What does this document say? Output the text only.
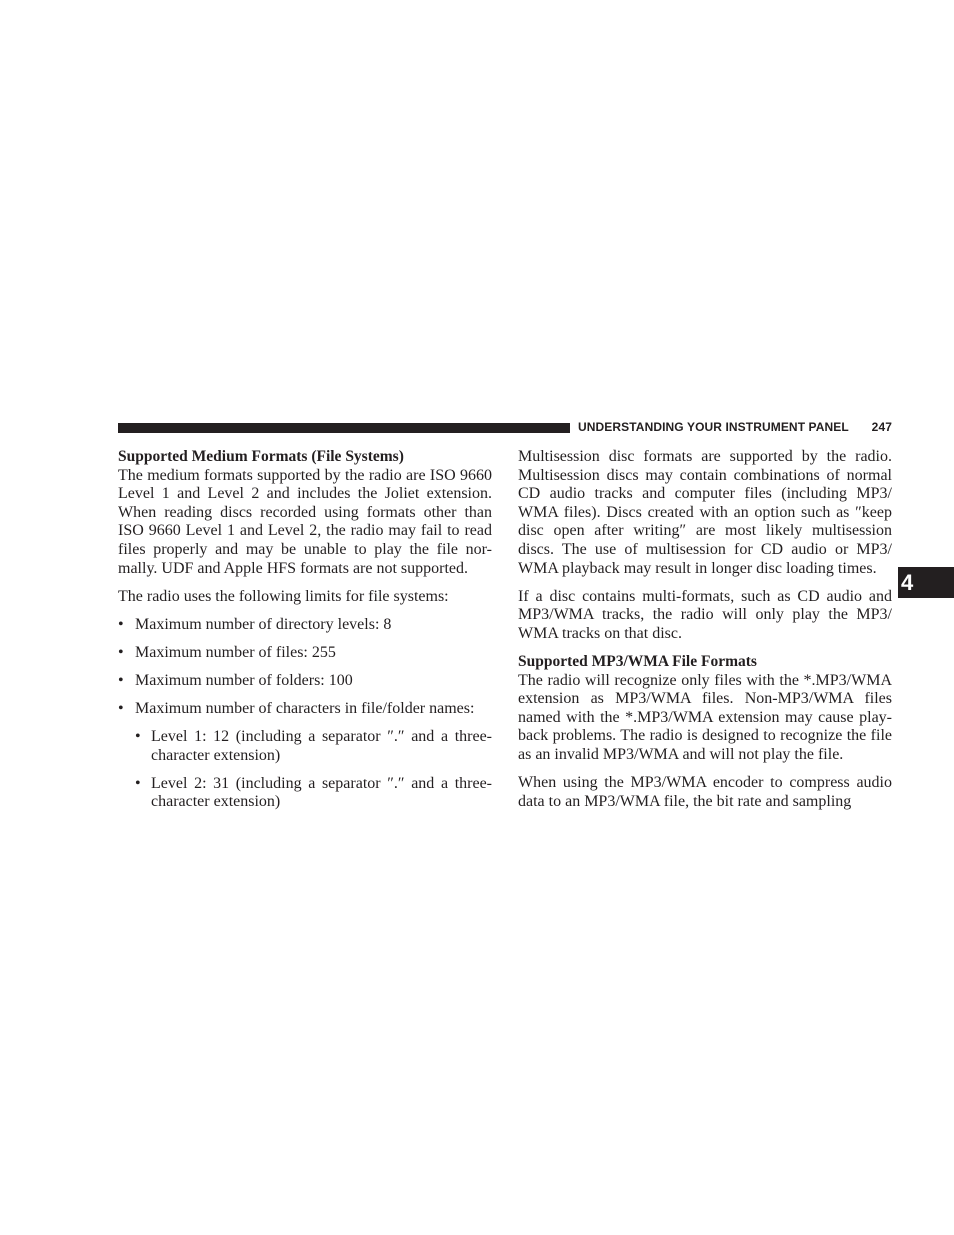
UNDERSTANDING YOUR INSTRUMENT PANEL 247
4
Supported Medium Formats (File Systems)

The medium formats supported by the radio are ISO 9660 Level 1 and Level 2 and includes the Joliet extension. When reading discs recorded using formats other than ISO 9660 Level 1 and Level 2, the radio may fail to read files properly and may be unable to play the file nor-mally. UDF and Apple HFS formats are not supported.

The radio uses the following limits for file systems:

• Maximum number of directory levels: 8
• Maximum number of files: 255
• Maximum number of folders: 100
• Maximum number of characters in file/folder names:
• Level 1: 12 (including a separator ″.″ and a three-character extension)
• Level 2: 31 (including a separator ″.″ and a three-character extension)

Multisession disc formats are supported by the radio. Multisession discs may contain combinations of normal CD audio tracks and computer files (including MP3/ WMA files). Discs created with an option such as ″keep disc open after writing″ are most likely multisession discs. The use of multisession for CD audio or MP3/ WMA playback may result in longer disc loading times.

If a disc contains multi-formats, such as CD audio and MP3/WMA tracks, the radio will only play the MP3/ WMA tracks on that disc.

Supported MP3/WMA File Formats

The radio will recognize only files with the *.MP3/WMA extension as MP3/WMA files. Non-MP3/WMA files named with the *.MP3/WMA extension may cause play-back problems. The radio is designed to recognize the file as an invalid MP3/WMA and will not play the file.

When using the MP3/WMA encoder to compress audio data to an MP3/WMA file, the bit rate and sampling
